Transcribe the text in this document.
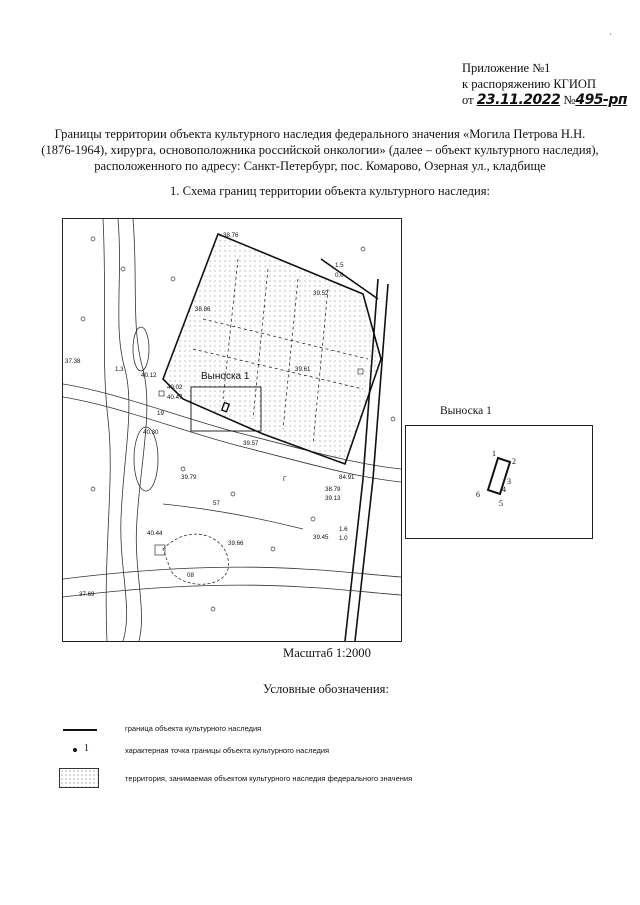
·
Приложение №1
к распоряжению КГИОП
от 23.11.2022 №495-рп
Границы территории объекта культурного наследия федерального значения «Могила Петрова Н.Н. (1876-1964), хирурга, основоположника российской онкологии» (далее – объект культурного наследия), расположенного по адресу: Санкт-Петербург, пос. Комарово, Озерная ул., кладбище
1. Схема границ территории объекта культурного наследия:
Выноска 1
38.76
38.86
39.52
39.61
40.02
40.47
40.12
40.30
39.57
39.79
38.79
39.13
39.45
40.44
39.66
37.69
37.38
84.91
1.5
0.6
1.6
1.0
1.3
Г
57
19
08
Выноска 1
1
2
3
4
5
6
Масштаб 1:2000
Условные обозначения:
граница объекта культурного наследия
1	характерная точка границы объекта культурного наследия
территория, занимаемая объектом культурного наследия федерального значения
